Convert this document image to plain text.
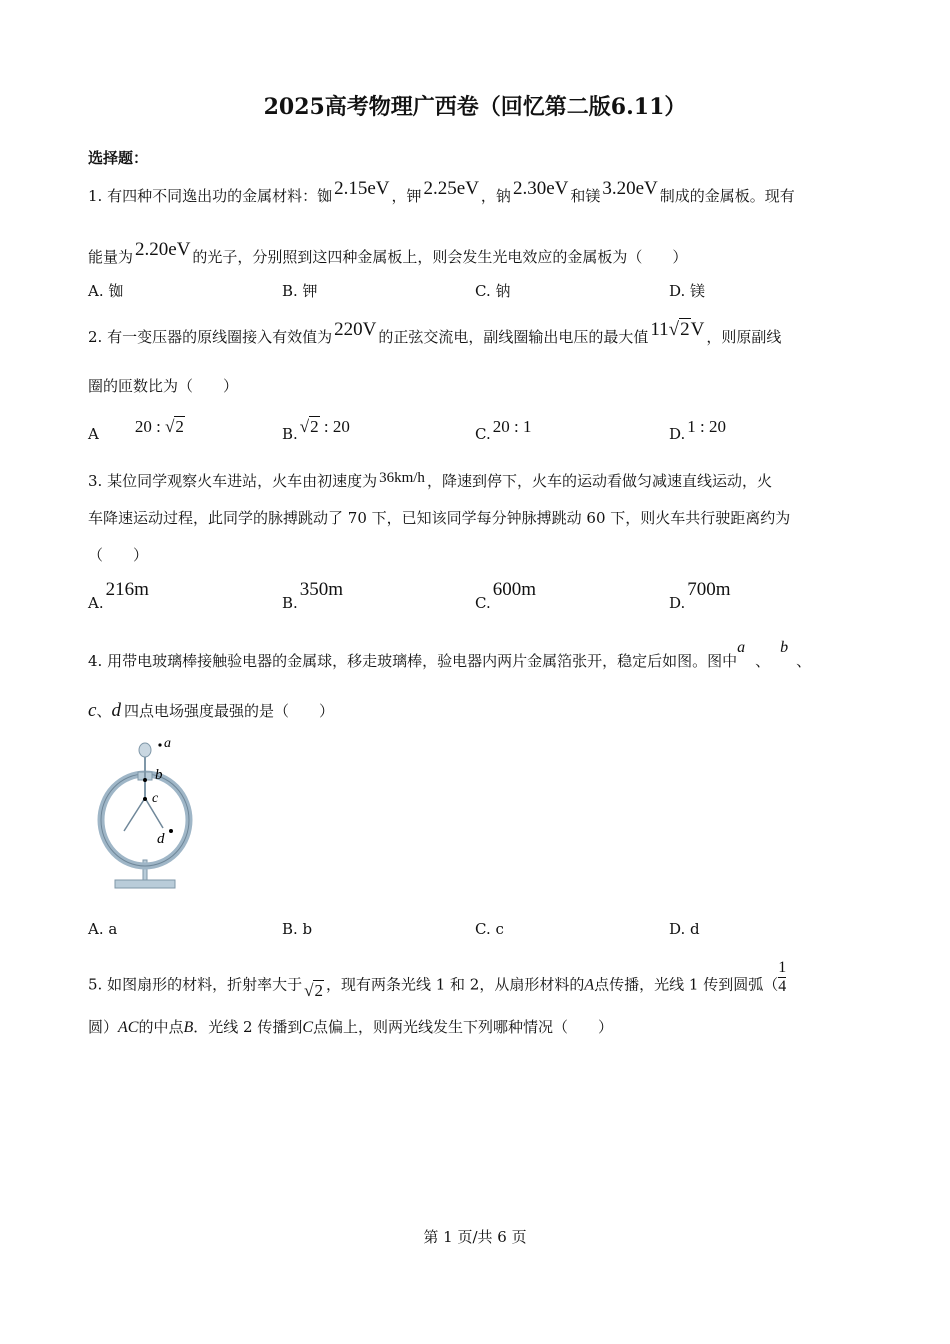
2025高考物理广西卷（回忆第二版6.11）
选择题：
1. 有四种不同逸出功的金属材料：铷 2.15eV ，钾 2.25eV ，钠 2.30eV 和镁 3.20eV 制成的金属板。现有
能量为 2.20eV 的光子，分别照到这四种金属板上，则会发生光电效应的金属板为（　　）
A. 铷	B. 钾	C. 钠	D. 镁
2. 有一变压器的原线圈接入有效值为 220V 的正弦交流电，副线圈输出电压的最大值 11√2V ，则原副线
圈的匝数比为（　　）
A 20 : √2	B. √2 : 20	C. 20 : 1	D. 1 : 20
3. 某位同学观察火车进站，火车由初速度为 36km/h ，降速到停下，火车的运动看做匀减速直线运动，火
车降速运动过程，此同学的脉搏跳动了 70 下，已知该同学每分钟脉搏跳动 60 下，则火车共行驶距离约为
（　　）
A.216m
B.350m
C.600m
D.700m
4. 用带电玻璃棒接触验电器的金属球，移走玻璃棒，验电器内两片金属箔张开，稳定后如图。图中a、b、
c、d 四点电场强度最强的是（　　）
a
b
c
d
A. a	B. b	C. c	D. d
5. 如图扇形的材料，折射率大于 √2 ，现有两条光线 1 和 2，从扇形材料的A点传播，光线 1 传到圆弧（ $\frac{1}{4}$
圆）AC的中点B．光线 2 传播到C点偏上，则两光线发生下列哪种情况（　　）
第 1 页/共 6 页
